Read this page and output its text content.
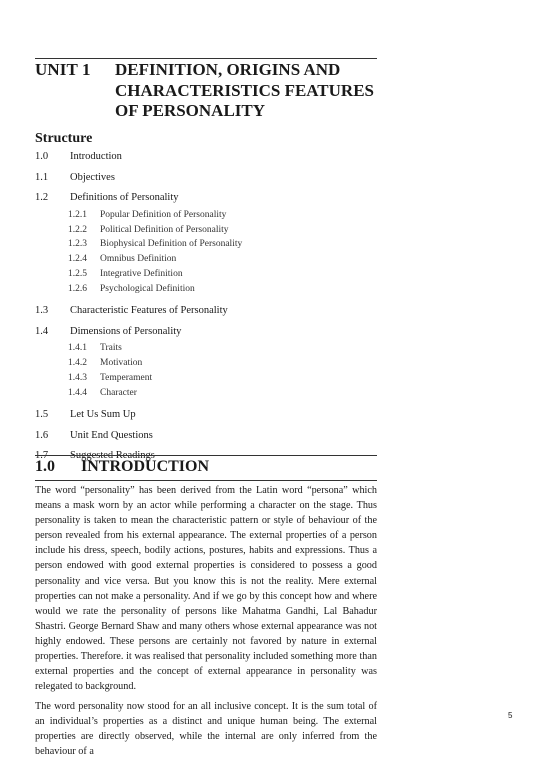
UNIT 1 DEFINITION, ORIGINS AND CHARACTERISTICS FEATURES OF PERSONALITY
Structure
1.0 Introduction
1.1 Objectives
1.2 Definitions of Personality
1.2.1 Popular Definition of Personality
1.2.2 Political Definition of Personality
1.2.3 Biophysical Definition of Personality
1.2.4 Omnibus Definition
1.2.5 Integrative Definition
1.2.6 Psychological Definition
1.3 Characteristic Features of Personality
1.4 Dimensions of Personality
1.4.1 Traits
1.4.2 Motivation
1.4.3 Temperament
1.4.4 Character
1.5 Let Us Sum Up
1.6 Unit End Questions
1.7 Suggested Readings
1.0 INTRODUCTION
The word “personality” has been derived from the Latin word “persona” which means a mask worn by an actor while performing a character on the stage. Thus personality is taken to mean the characteristic pattern or style of behaviour of the person revealed from his external appearance. The external properties of a person include his dress, speech, bodily actions, postures, habits and expressions. Thus a person endowed with good external properties is considered to possess a good personality and vice versa. But you know this is not the reality. Mere external properties can not make a personality. And if we go by this concept how and where would we rate the personality of persons like Mahatma Gandhi, Lal Bahadur Shastri. George Bernard Shaw and many others whose external appearance was not highly endowed. These persons are certainly not favored by nature in external properties. Therefore. it was realised that personality included something more than external properties and the concept of external appearance in personality was relegated to background.
The word personality now stood for an all inclusive concept. It is the sum total of an individual’s properties as a distinct and unique human being. The external properties are directly observed, while the internal are only inferred from the behaviour of a
5
